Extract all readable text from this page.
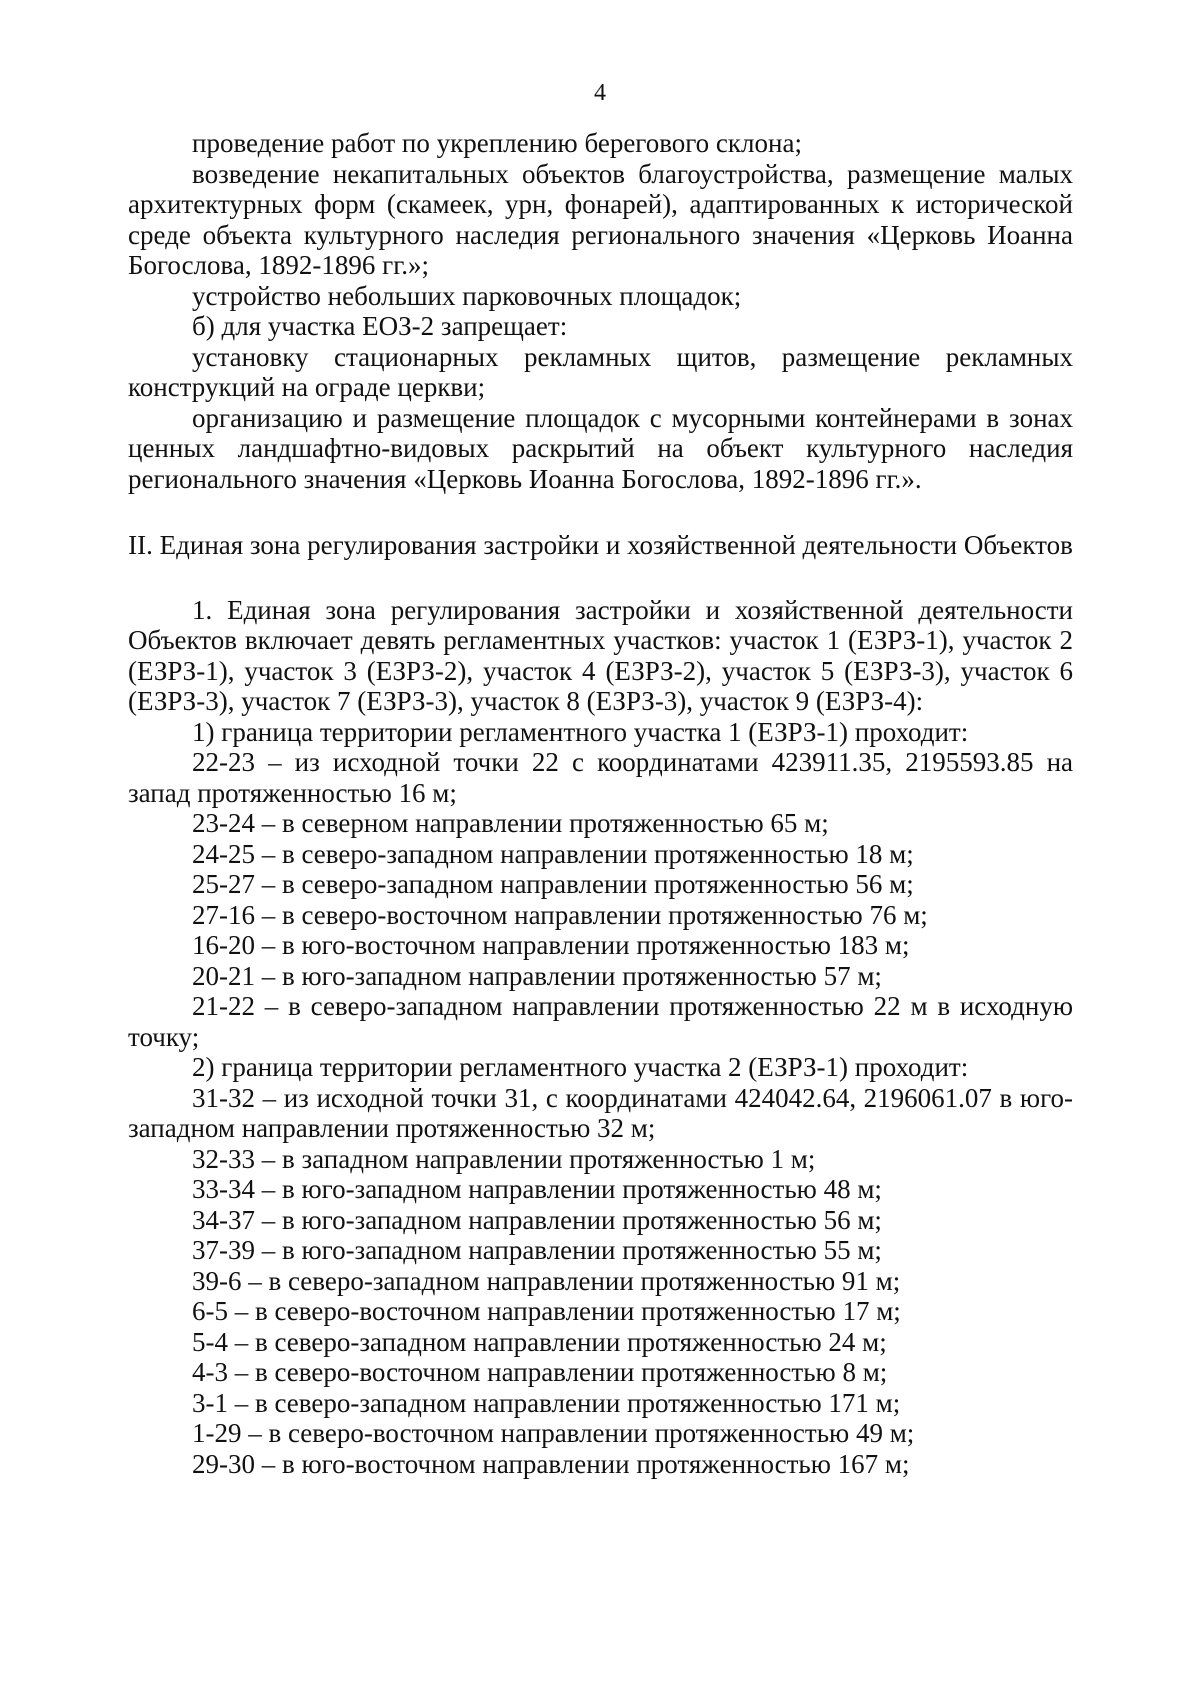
4

проведение работ по укреплению берегового склона;

возведение некапитальных объектов благоустройства, размещение малых архитектурных форм (скамеек, урн, фонарей), адаптированных к исторической среде объекта культурного наследия регионального значения «Церковь Иоанна Богослова, 1892-1896 гг.»;

устройство небольших парковочных площадок;

б) для участка ЕОЗ-2 запрещает:

установку стационарных рекламных щитов, размещение рекламных конструкций на ограде церкви;

организацию и размещение площадок с мусорными контейнерами в зонах ценных ландшафтно-видовых раскрытий на объект культурного наследия регионального значения «Церковь Иоанна Богослова, 1892-1896 гг.».

II. Единая зона регулирования застройки и хозяйственной деятельности Объектов

1. Единая зона регулирования застройки и хозяйственной деятельности Объектов включает девять регламентных участков: участок 1 (ЕЗРЗ-1), участок 2 (ЕЗРЗ-1), участок 3 (ЕЗРЗ-2), участок 4 (ЕЗРЗ-2), участок 5 (ЕЗРЗ-3), участок 6 (ЕЗРЗ-3), участок 7 (ЕЗРЗ-3), участок 8 (ЕЗРЗ-3), участок 9 (ЕЗРЗ-4):

1) граница территории регламентного участка 1 (ЕЗРЗ-1) проходит:

22-23 – из исходной точки 22 с координатами 423911.35, 2195593.85 на запад протяженностью 16 м;

23-24 – в северном направлении протяженностью 65 м;

24-25 – в северо-западном направлении протяженностью 18 м;

25-27 – в северо-западном направлении протяженностью 56 м;

27-16 – в северо-восточном направлении протяженностью 76 м;

16-20 – в юго-восточном направлении протяженностью 183 м;

20-21 – в юго-западном направлении протяженностью 57 м;

21-22 – в северо-западном направлении протяженностью 22 м в исходную точку;

2) граница территории регламентного участка 2 (ЕЗРЗ-1) проходит:

31-32 – из исходной точки 31, с координатами 424042.64, 2196061.07 в юго-западном направлении протяженностью 32 м;

32-33 – в западном направлении протяженностью 1 м;

33-34 – в юго-западном направлении протяженностью 48 м;

34-37 – в юго-западном направлении протяженностью 56 м;

37-39 – в юго-западном направлении протяженностью 55 м;

39-6 – в северо-западном направлении протяженностью 91 м;

6-5 – в северо-восточном направлении протяженностью 17 м;

5-4 – в северо-западном направлении протяженностью 24 м;

4-3 – в северо-восточном направлении протяженностью 8 м;

3-1 – в северо-западном направлении протяженностью 171 м;

1-29 – в северо-восточном направлении протяженностью 49 м;

29-30 – в юго-восточном направлении протяженностью 167 м;
